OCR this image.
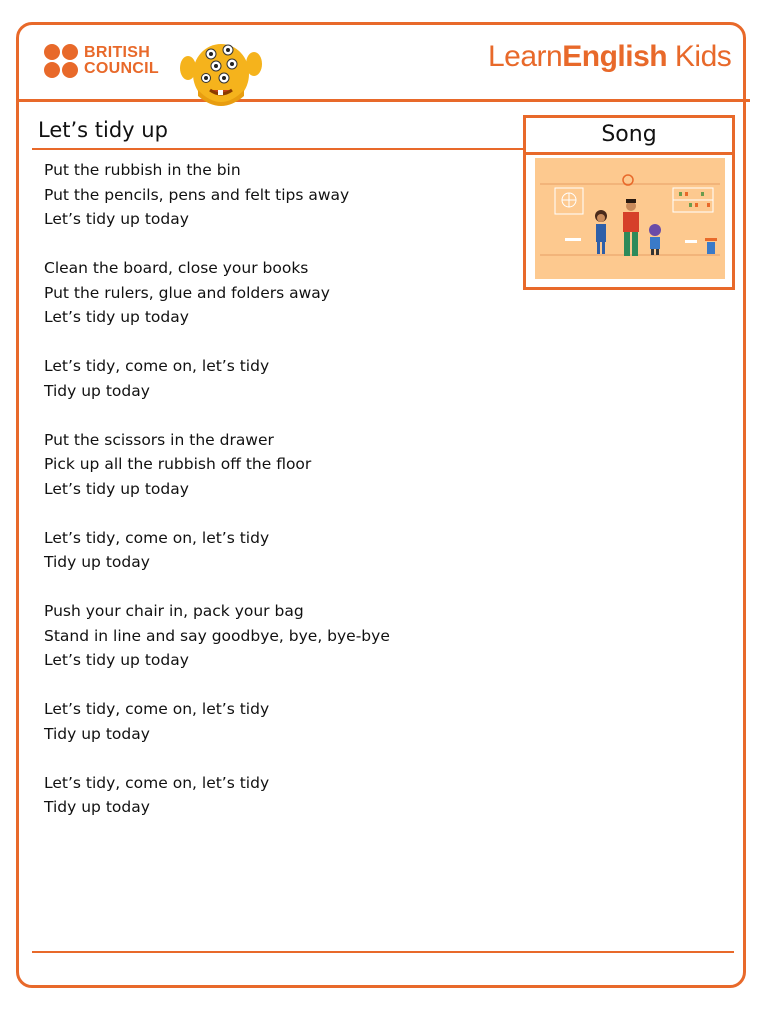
BRITISH
COUNCIL	LearnEnglish Kids
Let’s tidy up	Song
Put the rubbish in the bin
Put the pencils, pens and felt tips away
Let’s tidy up today
Clean the board, close your books
Put the rulers, glue and folders away
Let’s tidy up today
Let’s tidy, come on, let’s tidy
Tidy up today
Put the scissors in the drawer
Pick up all the rubbish off the floor
Let’s tidy up today
Let’s tidy, come on, let’s tidy
Tidy up today
Push your chair in, pack your bag
Stand in line and say goodbye, bye, bye-bye
Let’s tidy up today
Let’s tidy, come on, let’s tidy
Tidy up today
Let’s tidy, come on, let’s tidy
Tidy up today
